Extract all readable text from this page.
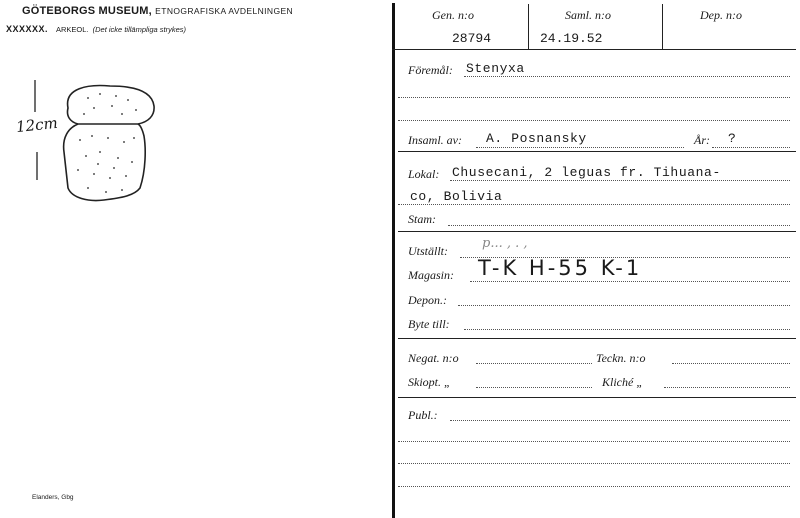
GÖTEBORGS MUSEUM, ETNOGRAFISKA AVDELNINGEN
XXXXXX. ARKEOL. (Det icke tillämpliga strykes)
12cm
Elanders, Gbg
Gen. n:o
28794
Saml. n:o
24.19.52
Dep. n:o
Föremål: Stenyxa
Insaml. av: A. Posnansky	År: ?
Lokal: Chusecani, 2 leguas fr. Tihuana-
co, Bolivia
Stam:
Utställt:	p... , . ,
Magasin: T-K H-55 K-1
Depon.:
Byte till:
Negat. n:o	Teckn. n:o
Skiopt. „	Kliché „
Publ.:
